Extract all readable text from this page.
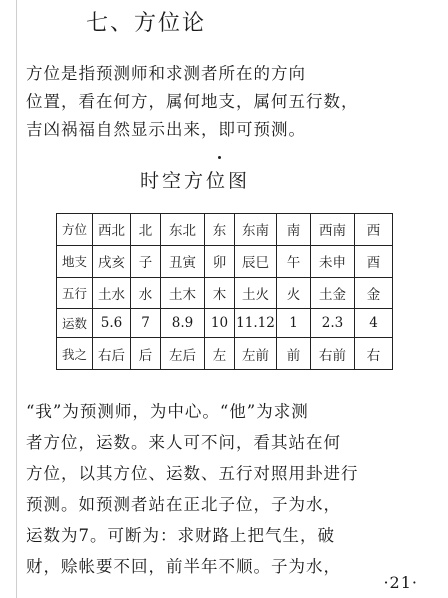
七、方位论
方位是指预测师和求测者所在的方向
位置，看在何方，属何地支，属何五行数，
吉凶祸福自然显示出来，即可预测。
时空方位图
方位	西北	北	东北	东	东南	南	西南	西
地支	戌亥	子	丑寅	卯	辰巳	午	未申	酉
五行	土水	水	土木	木	土火	火	土金	金
运数	5.6	7	8.9	10	11.12	1	2.3	4
我之	右后	后	左后	左	左前	前	右前	右
“我”为预测师，为中心。“他”为求测
者方位，运数。来人可不问，看其站在何
方位，以其方位、运数、五行对照用卦进行
预测。如预测者站在正北子位，子为水，
运数为7。可断为：求财路上把气生，破
财，赊帐要不回，前半年不顺。子为水，
·21·
